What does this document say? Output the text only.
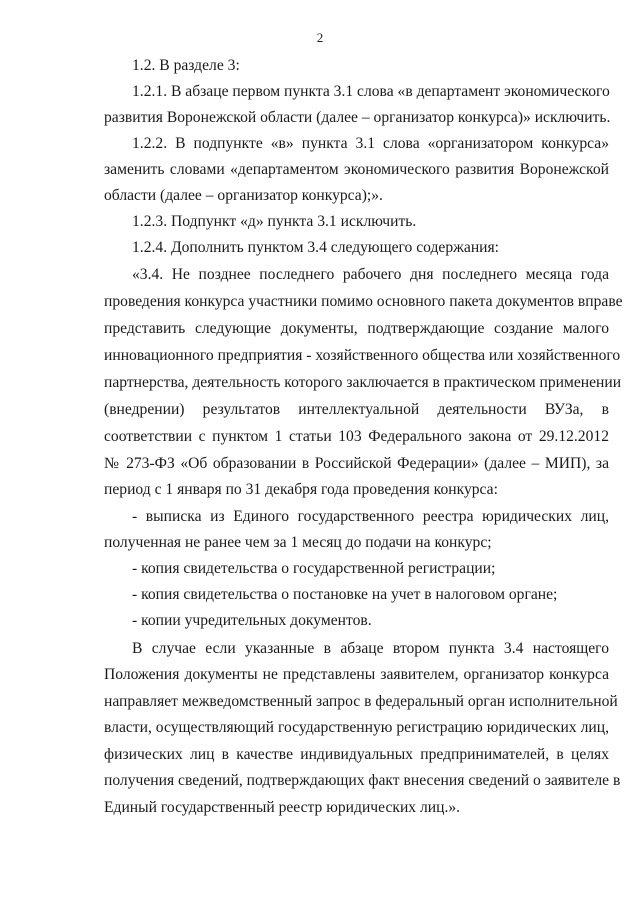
2
1.2. В разделе 3:
1.2.1. В абзаце первом пункта 3.1 слова «в департамент экономического
развития Воронежской области (далее – организатор конкурса)» исключить.
1.2.2. В подпункте «в» пункта 3.1 слова «организатором конкурса»
заменить словами «департаментом экономического развития Воронежской
области (далее – организатор конкурса);».
1.2.3. Подпункт «д» пункта 3.1 исключить.
1.2.4. Дополнить пунктом 3.4 следующего содержания:
«3.4. Не позднее последнего рабочего дня последнего месяца года
проведения конкурса участники помимо основного пакета документов вправе
представить следующие документы, подтверждающие создание малого
инновационного предприятия - хозяйственного общества или хозяйственного
партнерства, деятельность которого заключается в практическом применении
(внедрении) результатов интеллектуальной деятельности ВУЗа, в
соответствии с пунктом 1 статьи 103 Федерального закона от 29.12.2012
№ 273-ФЗ «Об образовании в Российской Федерации» (далее – МИП), за
период с 1 января по 31 декабря года проведения конкурса:
- выписка из Единого государственного реестра юридических лиц,
полученная не ранее чем за 1 месяц до подачи на конкурс;
- копия свидетельства о государственной регистрации;
- копия свидетельства о постановке на учет в налоговом органе;
- копии учредительных документов.
В случае если указанные в абзаце втором пункта 3.4 настоящего
Положения документы не представлены заявителем, организатор конкурса
направляет межведомственный запрос в федеральный орган исполнительной
власти, осуществляющий государственную регистрацию юридических лиц,
физических лиц в качестве индивидуальных предпринимателей, в целях
получения сведений, подтверждающих факт внесения сведений о заявителе в
Единый государственный реестр юридических лиц.».
